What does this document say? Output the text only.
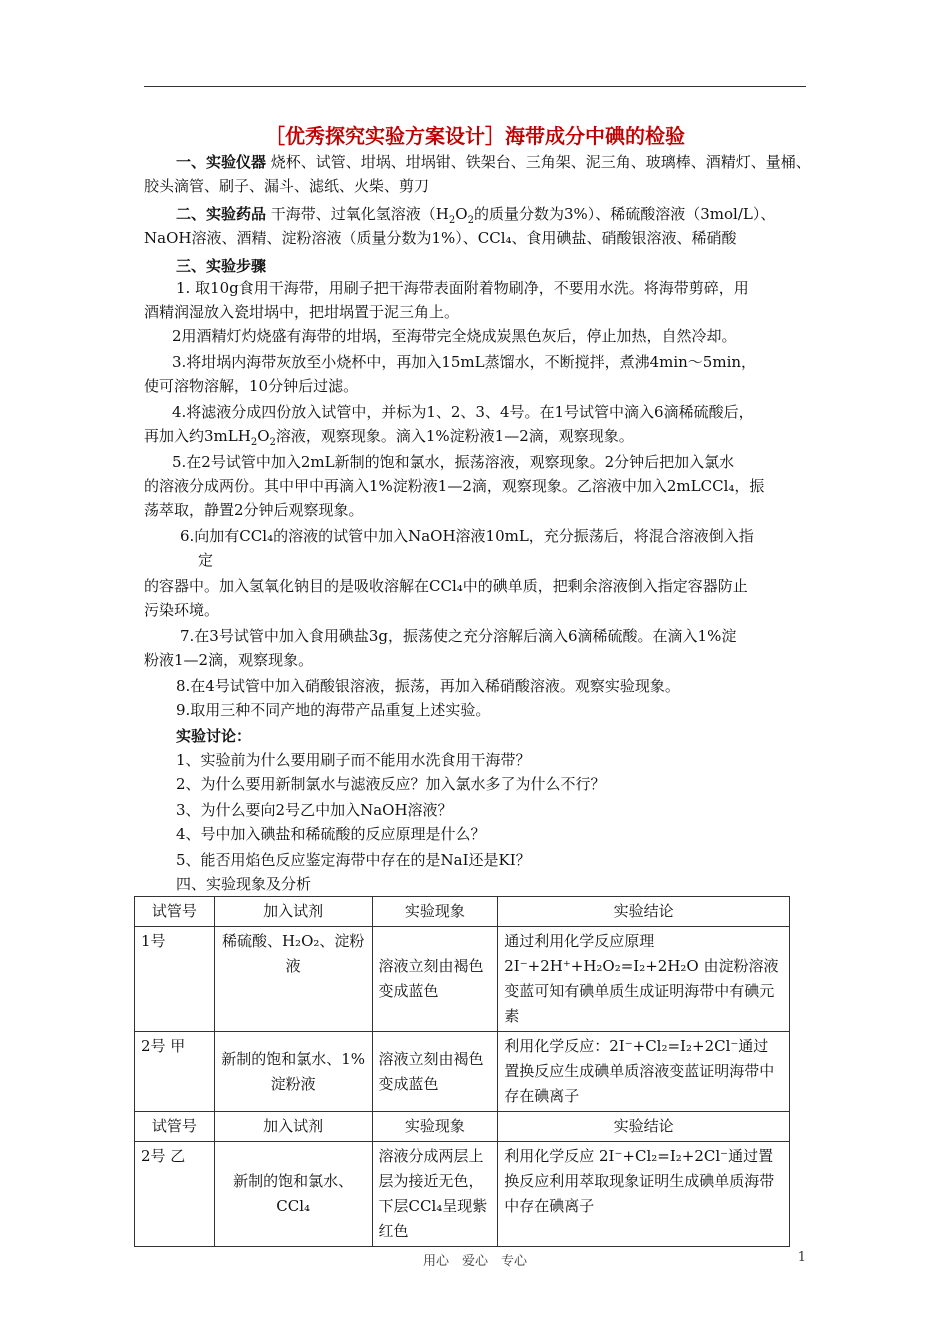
［优秀探究实验方案设计］海带成分中碘的检验
一、实验仪器 烧杯、试管、坩埚、坩埚钳、铁架台、三角架、泥三角、玻璃棒、酒精灯、量桶、
胶头滴管、刷子、漏斗、滤纸、火柴、剪刀
二、实验药品 干海带、过氧化氢溶液（$H_2O_2$的质量分数为3%）、稀硫酸溶液（3mol/L）、
NaOH溶液、酒精、淀粉溶液（质量分数为1%）、CCl₄、食用碘盐、硝酸银溶液、稀硝酸
三、实验步骤
1. 取10g食用干海带，用刷子把干海带表面附着物刷净，不要用水洗。将海带剪碎，用
酒精润湿放入瓷坩埚中，把坩埚置于泥三角上。
2用酒精灯灼烧盛有海带的坩埚，至海带完全烧成炭黑色灰后，停止加热，自然冷却。
3.将坩埚内海带灰放至小烧杯中，再加入15mL蒸馏水，不断搅拌，煮沸4min～5min，
使可溶物溶解，10分钟后过滤。
4.将滤液分成四份放入试管中，并标为1、2、3、4号。在1号试管中滴入6滴稀硫酸后，
再加入约$3mLH_2O_2$溶液，观察现象。滴入1%淀粉液1—2滴，观察现象。
5.在2号试管中加入2mL新制的饱和氯水，振荡溶液，观察现象。2分钟后把加入氯水
的溶液分成两份。其中甲中再滴入1%淀粉液1—2滴，观察现象。乙溶液中加入2mLCCl₄，振
荡萃取，静置2分钟后观察现象。
6.向加有CCl₄的溶液的试管中加入NaOH溶液10mL，充分振荡后，将混合溶液倒入指
定
的容器中。加入氢氧化钠目的是吸收溶解在CCl₄中的碘单质，把剩余溶液倒入指定容器防止
污染环境。
7.在3号试管中加入食用碘盐3g，振荡使之充分溶解后滴入6滴稀硫酸。在滴入1%淀
粉液1—2滴，观察现象。
8.在4号试管中加入硝酸银溶液，振荡，再加入稀硝酸溶液。观察实验现象。
9.取用三种不同产地的海带产品重复上述实验。
实验讨论：
1、实验前为什么要用刷子而不能用水洗食用干海带？
2、为什么要用新制氯水与滤液反应？加入氯水多了为什么不行？
3、为什么要向2号乙中加入NaOH溶液？
4、号中加入碘盐和稀硫酸的反应原理是什么？
5、能否用焰色反应鉴定海带中存在的是NaI还是KI？
四、实验现象及分析
试管号	加入试剂	实验现象	实验结论
1号	稀硫酸、H₂O₂、淀粉液	溶液立刻由褐色变成蓝色	通过利用化学反应原理 2I⁻+2H⁺+H₂O₂=I₂+2H₂O 由淀粉溶液变蓝可知有碘单质生成证明海带中有碘元素
2号 甲	新制的饱和氯水、1%淀粉液	溶液立刻由褐色变成蓝色	利用化学反应：2I⁻+Cl₂=I₂+2Cl⁻通过置换反应生成碘单质溶液变蓝证明海带中存在碘离子
试管号	加入试剂	实验现象	实验结论
2号 乙	新制的饱和氯水、CCl₄	溶液分成两层上层为接近无色，下层CCl₄呈现紫红色	利用化学反应 2I⁻+Cl₂=I₂+2Cl⁻通过置换反应利用萃取现象证明生成碘单质海带中存在碘离子
用心　爱心　专心	1
